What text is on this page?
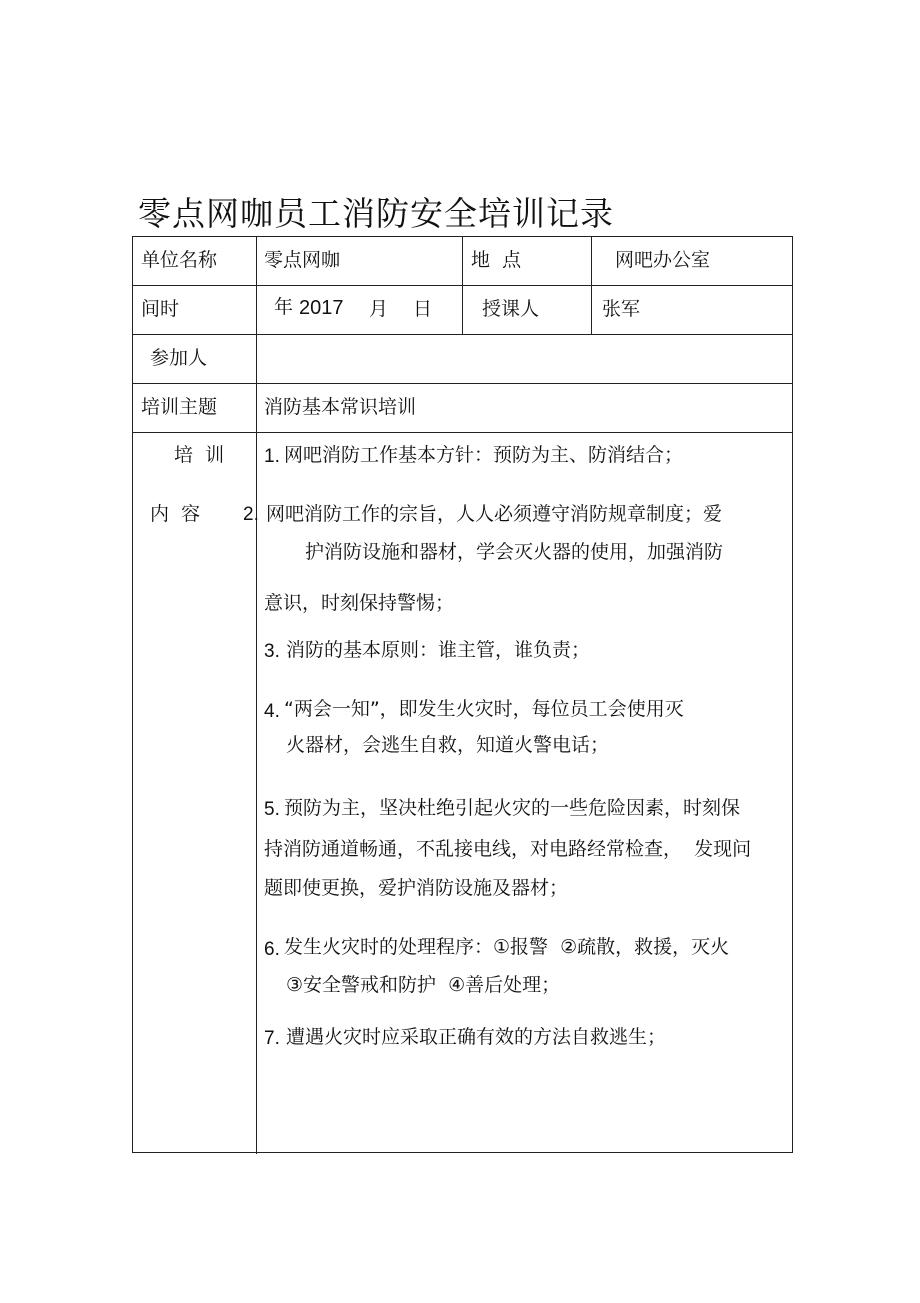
零点网咖员工消防安全培训记录
单位名称 零点网咖	地  点	网吧办公室
间时	年 2017 月 日	授课人	张军
参加人
培训主题 消防基本常识培训
培  训
内  容
1. 网吧消防工作基本方针：预防为主、防消结合；
2. 网吧消防工作的宗旨，人人必须遵守消防规章制度；爱
护消防设施和器材，学会灭火器的使用，加强消防
意识，时刻保持警惕；
3. 消防的基本原则：谁主管，谁负责；
4. “两会一知”，即发生火灾时，每位员工会使用灭
火器材，会逃生自救，知道火警电话；
5. 预防为主，坚决杜绝引起火灾的一些危险因素，时刻保
持消防通道畅通，不乱接电线，对电路经常检查，  发现问
题即使更换，爱护消防设施及器材；
6. 发生火灾时的处理程序：①报警  ②疏散，救援，灭火
③安全警戒和防护  ④善后处理；
7. 遭遇火灾时应采取正确有效的方法自救逃生；
